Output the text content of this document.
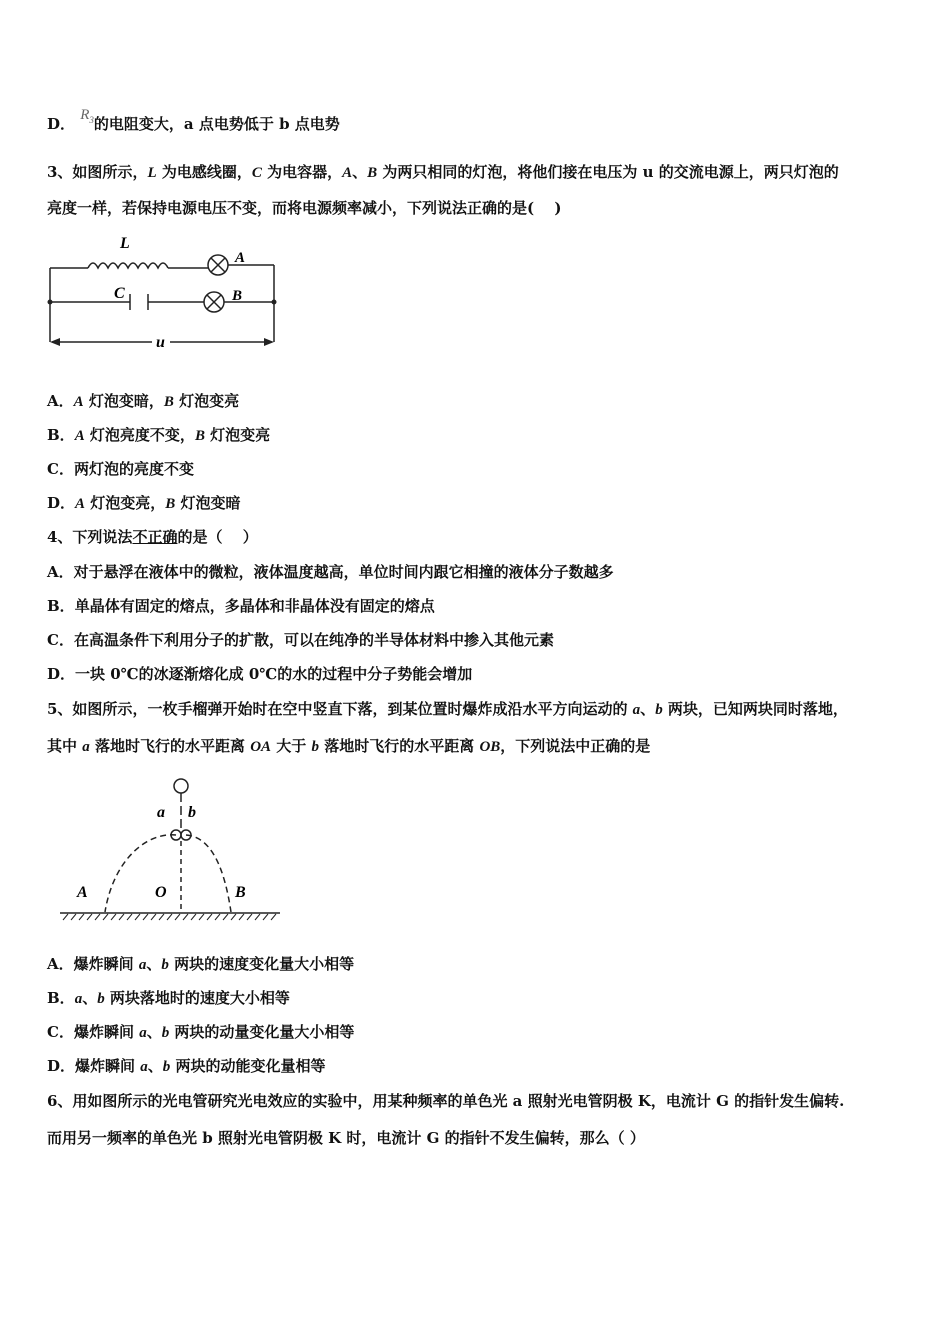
D． $R_3$的电阻变大，a 点电势低于 b 点电势
3、如图所示，L 为电感线圈，C 为电容器，A、B 为两只相同的灯泡，将他们接在电压为 u 的交流电源上，两只灯泡的
亮度一样，若保持电源电压不变，而将电源频率减小，下列说法正确的是(　 )
L
A
C	B
u
A．A 灯泡变暗，B 灯泡变亮
B．A 灯泡亮度不变，B 灯泡变亮
C．两灯泡的亮度不变
D．A 灯泡变亮，B 灯泡变暗
4、下列说法不正确的是（　 ）
A．对于悬浮在液体中的微粒，液体温度越高，单位时间内跟它相撞的液体分子数越多
B．单晶体有固定的熔点，多晶体和非晶体没有固定的熔点
C．在高温条件下利用分子的扩散，可以在纯净的半导体材料中掺入其他元素
D．一块 0℃的冰逐渐熔化成 0℃的水的过程中分子势能会增加
5、如图所示，一枚手榴弹开始时在空中竖直下落，到某位置时爆炸成沿水平方向运动的 a、b 两块，已知两块同时落地，
其中 a 落地时飞行的水平距离 OA 大于 b 落地时飞行的水平距离 OB，下列说法中正确的是
a b
A	O	B
A．爆炸瞬间 a、b 两块的速度变化量大小相等
B．a、b 两块落地时的速度大小相等
C．爆炸瞬间 a、b 两块的动量变化量大小相等
D．爆炸瞬间 a、b 两块的动能变化量相等
6、用如图所示的光电管研究光电效应的实验中，用某种频率的单色光 a 照射光电管阴极 K，电流计 G 的指针发生偏转.
而用另一频率的单色光 b 照射光电管阴极 K 时，电流计 G 的指针不发生偏转，那么（ ）
